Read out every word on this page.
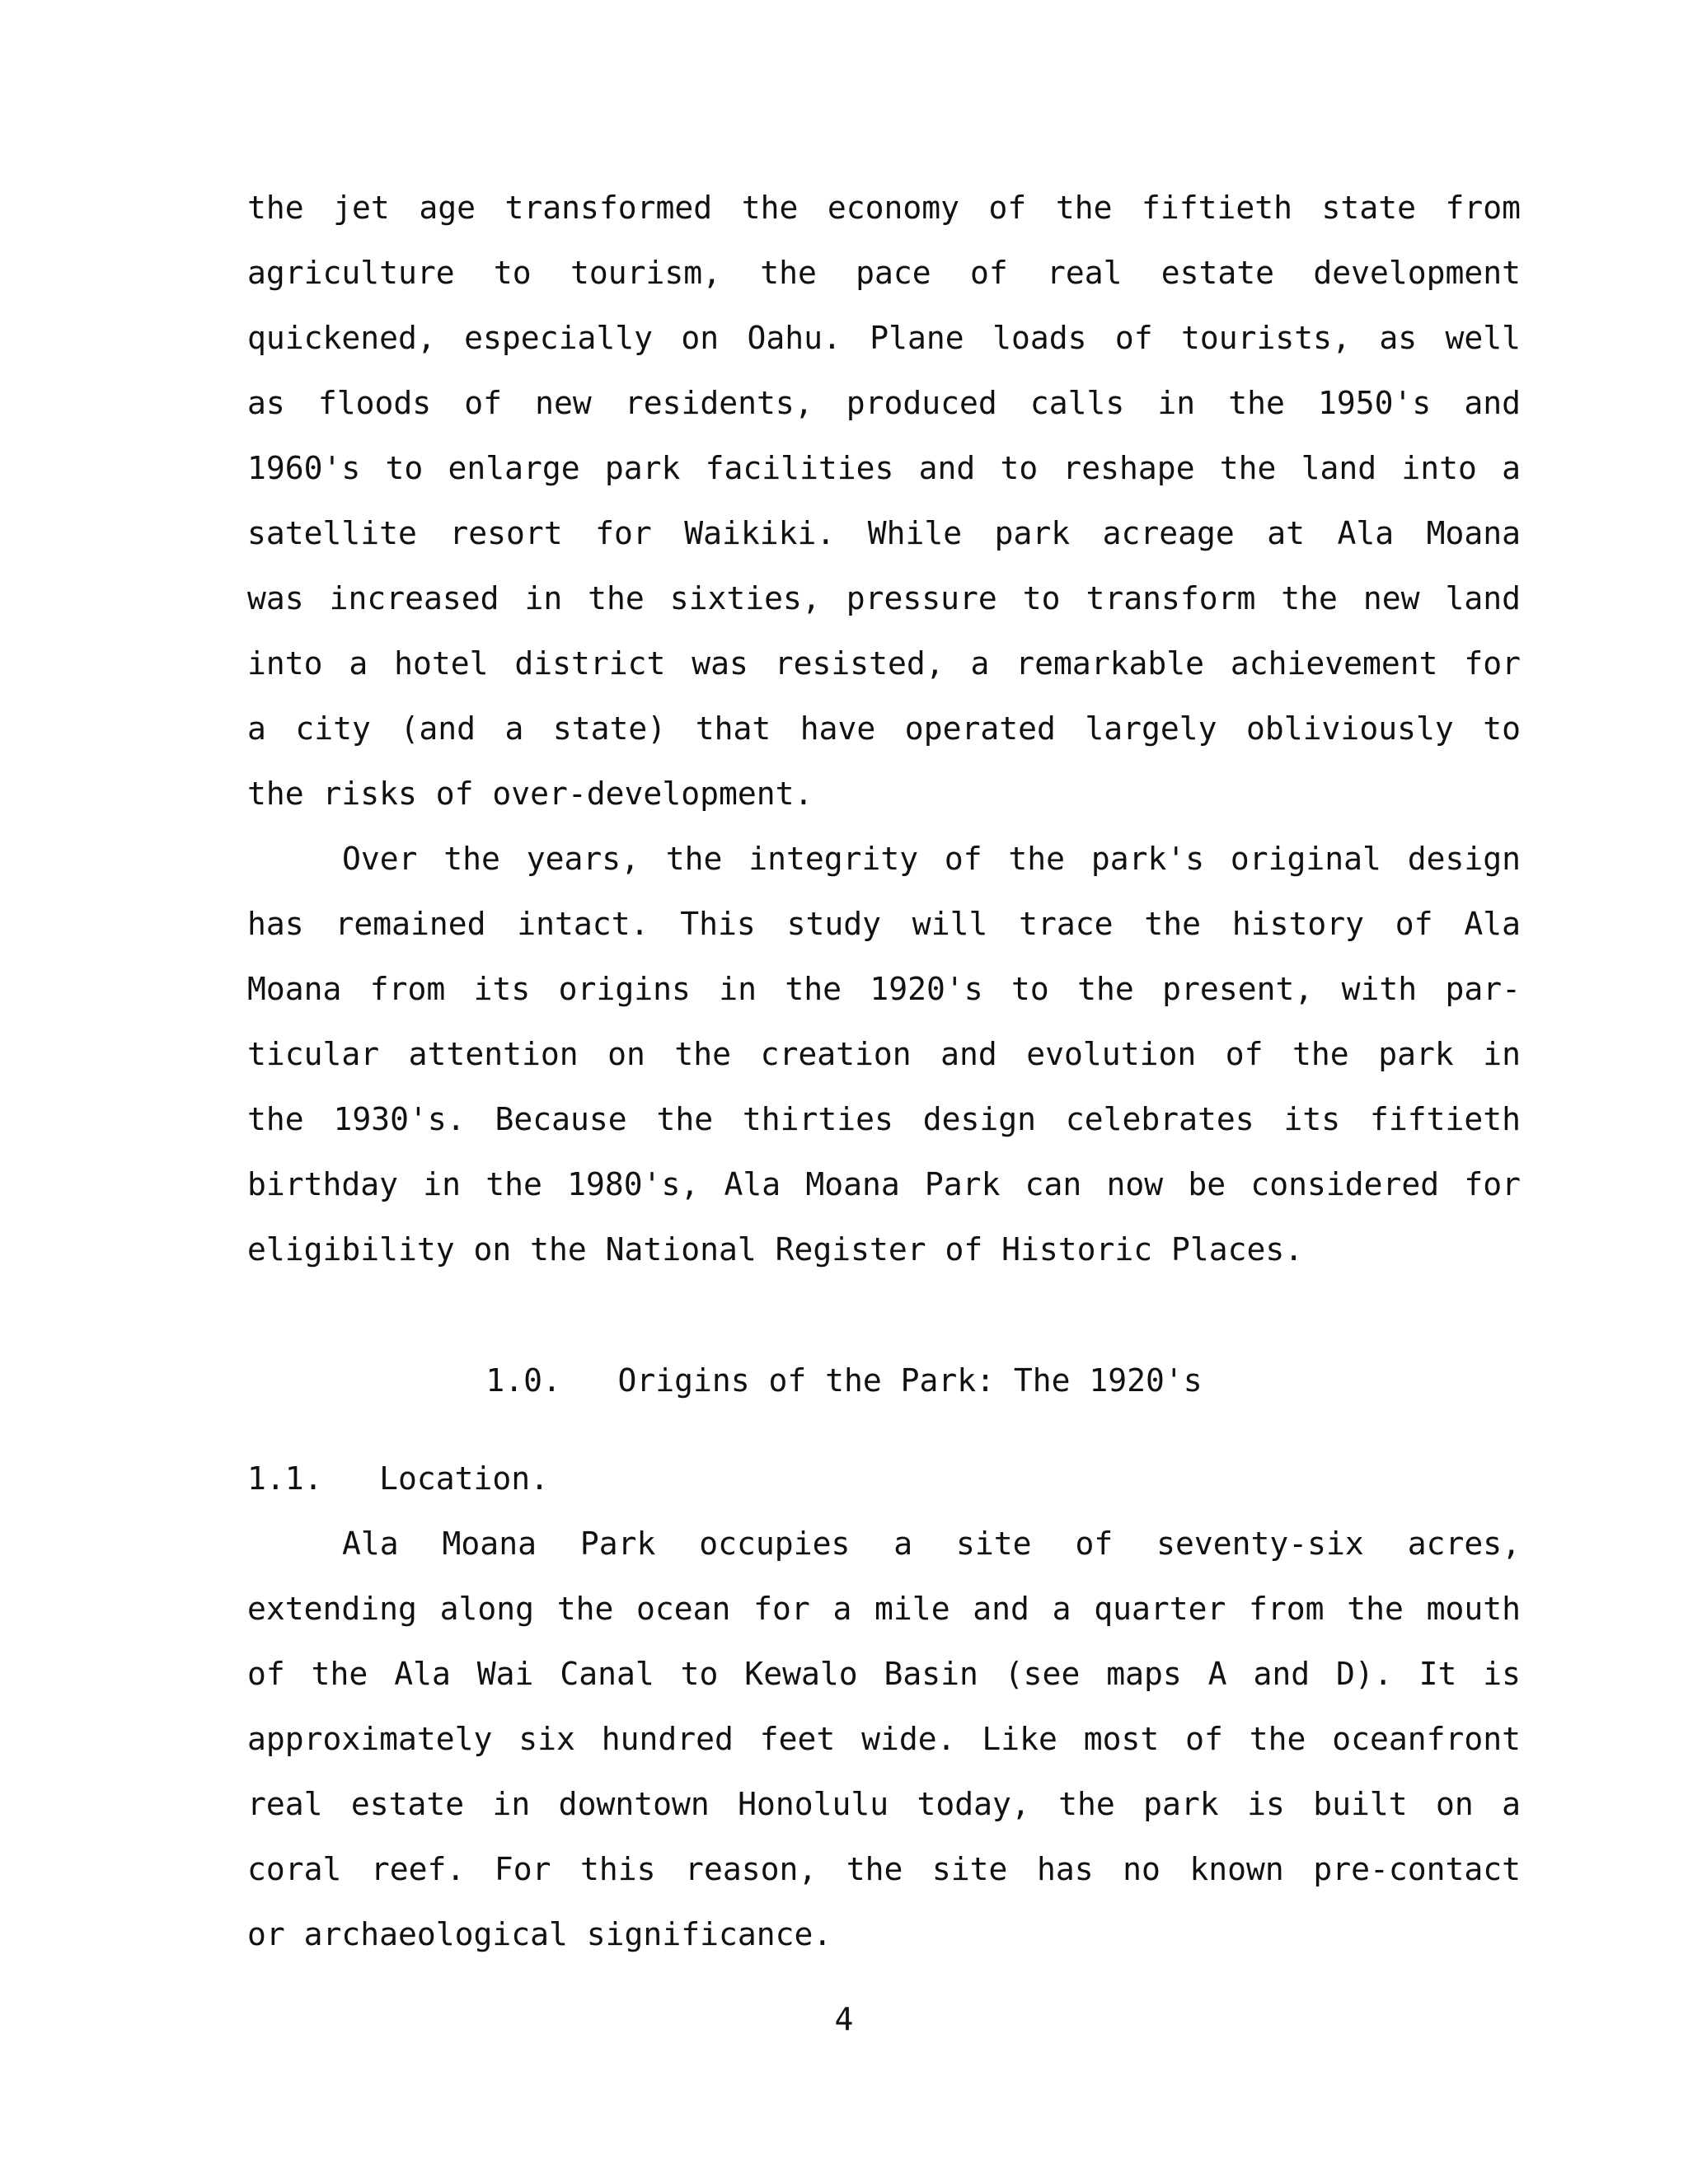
the jet age transformed the economy of the fiftieth state from
agriculture to tourism, the pace of real estate development
quickened, especially on Oahu. Plane loads of tourists, as well
as floods of new residents, produced calls in the 1950's and
1960's to enlarge park facilities and to reshape the land into a
satellite resort for Waikiki. While park acreage at Ala Moana
was increased in the sixties, pressure to transform the new land
into a hotel district was resisted, a remarkable achievement for
a city (and a state) that have operated largely obliviously to
the risks of over-development.
Over the years, the integrity of the park's original design
has remained intact. This study will trace the history of Ala
Moana from its origins in the 1920's to the present, with par-
ticular attention on the creation and evolution of the park in
the 1930's. Because the thirties design celebrates its fiftieth
birthday in the 1980's, Ala Moana Park can now be considered for
eligibility on the National Register of Historic Places.
1.0.   Origins of the Park: The 1920's
1.1.   Location.
Ala Moana Park occupies a site of seventy-six acres,
extending along the ocean for a mile and a quarter from the mouth
of the Ala Wai Canal to Kewalo Basin (see maps A and D). It is
approximately six hundred feet wide. Like most of the oceanfront
real estate in downtown Honolulu today, the park is built on a
coral reef. For this reason, the site has no known pre-contact
or archaeological significance.
4
